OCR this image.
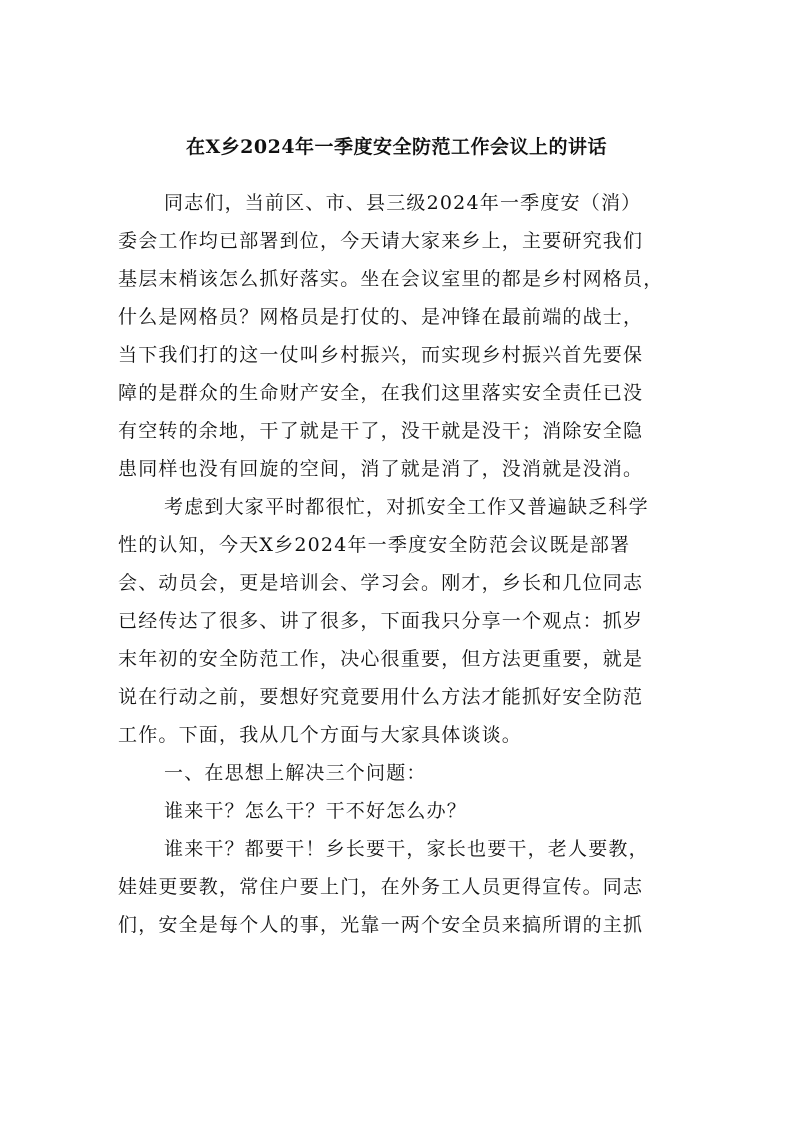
在X乡2024年一季度安全防范工作会议上的讲话
同志们，当前区、市、县三级2024年一季度安（消）
委会工作均已部署到位，今天请大家来乡上，主要研究我们
基层末梢该怎么抓好落实。坐在会议室里的都是乡村网格员，
什么是网格员？网格员是打仗的、是冲锋在最前端的战士，
当下我们打的这一仗叫乡村振兴，而实现乡村振兴首先要保
障的是群众的生命财产安全，在我们这里落实安全责任已没
有空转的余地，干了就是干了，没干就是没干；消除安全隐
患同样也没有回旋的空间，消了就是消了，没消就是没消。
考虑到大家平时都很忙，对抓安全工作又普遍缺乏科学
性的认知，今天X乡2024年一季度安全防范会议既是部署
会、动员会，更是培训会、学习会。刚才，乡长和几位同志
已经传达了很多、讲了很多，下面我只分享一个观点：抓岁
末年初的安全防范工作，决心很重要，但方法更重要，就是
说在行动之前，要想好究竟要用什么方法才能抓好安全防范
工作。下面，我从几个方面与大家具体谈谈。
一、在思想上解决三个问题：
谁来干？怎么干？干不好怎么办？
谁来干？都要干！乡长要干，家长也要干，老人要教，
娃娃更要教，常住户要上门，在外务工人员更得宣传。同志
们，安全是每个人的事，光靠一两个安全员来搞所谓的主抓
